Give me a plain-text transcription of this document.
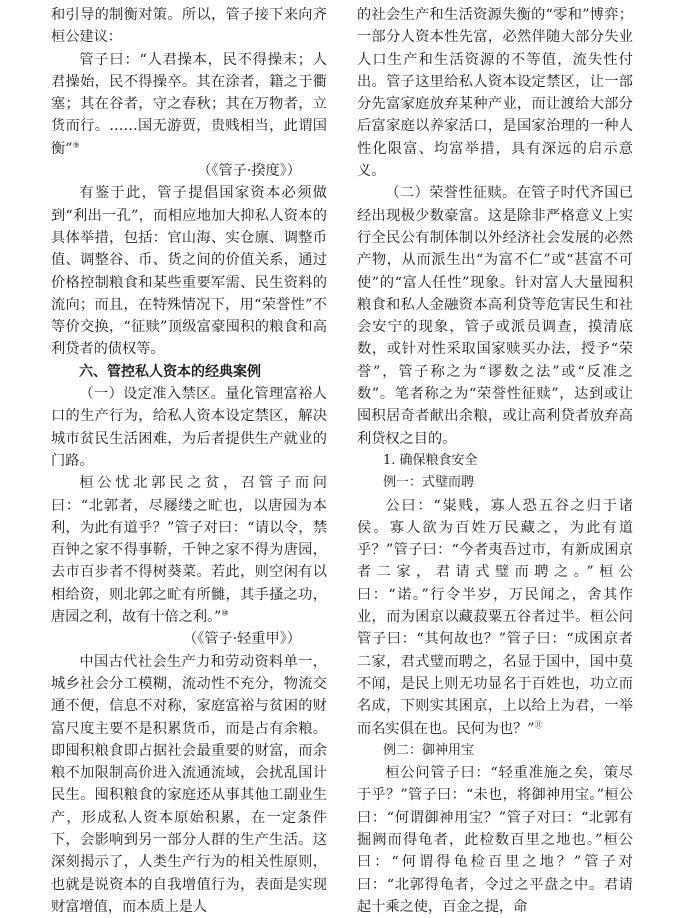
和引导的制衡对策。所以，管子接下来向齐桓公建议：

管子曰：“人君操本，民不得操末；人君操始，民不得操卒。其在涂者，籍之于衢塞；其在谷者，守之春秋；其在万物者，立货而行。……国无游贾，贵贱相当，此谓国衡”⑨

（《管子·揆度》）

有鉴于此，管子提倡国家资本必须做到“利出一孔”，而相应地加大抑私人资本的具体举措，包括：官山海、实仓廪、调整币值、调整谷、币、货之间的价值关系，通过价格控制粮食和某些重要军需、民生资料的流向；而且，在特殊情况下，用“荣誉性”不等价交换，“征赎”顶级富豪囤积的粮食和高利贷者的债权等。

六、管控私人资本的经典案例

（一）设定准入禁区。量化管理富裕人口的生产行为，给私人资本设定禁区，解决城市贫民生活困难，为后者提供生产就业的门路。

桓公忧北郭民之贫，召管子而问曰：“北郭者，尽屦缕之甿也，以唐园为本利，为此有道乎？”管子对曰：“请以令，禁百钟之家不得事鞒，千钟之家不得为唐园，去市百步者不得树葵菜。若此，则空闲有以相给资，则北郭之甿有所雠，其手搔之功，唐园之利，故有十倍之利。”⑩

（《管子·轻重甲》）

中国古代社会生产力和劳动资料单一，城乡社会分工模糊，流动性不充分，物流交通不便，信息不对称，家庭富裕与贫困的财富尺度主要不是积累货币，而是占有余粮。即囤积粮食即占据社会最重要的财富，而余粮不加限制高价进入流通流域，会扰乱国计民生。囤积粮食的家庭还从事其他工副业生产，形成私人资本原始积累，在一定条件下，会影响到另一部分人群的生产生活。这深刻揭示了，人类生产行为的相关性原则，也就是说资本的自我增值行为，表面是实现财富增值，而本质上是人

的社会生产和生活资源失衡的“零和”博弈；一部分人资本性先富，必然伴随大部分失业人口生产和生活资源的不等值，流失性付出。管子这里给私人资本设定禁区，让一部分先富家庭放弃某种产业，而让渡给大部分后富家庭以养家活口，是国家治理的一种人性化限富、均富举措，具有深远的启示意义。

（二）荣誉性征赎。在管子时代齐国已经出现极少数豪富。这是除非严格意义上实行全民公有制体制以外经济社会发展的必然产物，从而派生出“为富不仁”或“甚富不可使”的“富人任性”现象。针对富人大量囤积粮食和私人金融资本高利贷等危害民生和社会安宁的现象，管子或派员调查，摸清底数，或针对性采取国家赎买办法，授予“荣誉”，管子称之为“谬数之法”或“反准之数”。笔者称之为“荣誉性征赎”，达到或让囤积居奇者献出余粮，或让高利贷者放弃高利贷权之目的。

1. 确保粮食安全

例一：式璧而聘

公曰：“粜贱，寡人恐五谷之归于诸侯。寡人欲为百姓万民藏之，为此有道乎？”管子曰：“今者夷吾过市，有新成囷京者二家，君请式璧而聘之。”桓公曰：“诺。”行令半岁，万民闻之，舍其作业，而为囷京以藏菽粟五谷者过半。桓公问管子曰：“其何故也？”管子曰：“成囷京者二家，君式璧而聘之，名显于国中，国中莫不闻，是民上则无功显名于百姓也，功立而名成，下则实其囷京，上以给上为君，一举而名实俱在也。民何为也？”⑪

例二：御神用宝

桓公问管子曰：“轻重准施之矣，策尽于乎？”管子曰：“未也，将御神用宝。”桓公曰：“何谓御神用宝？”管子对曰：“北郭有掘阙而得龟者，此检数百里之地也。”桓公曰：“何谓得龟检百里之地？”管子对曰：“北郭得龟者，令过之平盘之中。君请起十乘之使，百金之提，命
